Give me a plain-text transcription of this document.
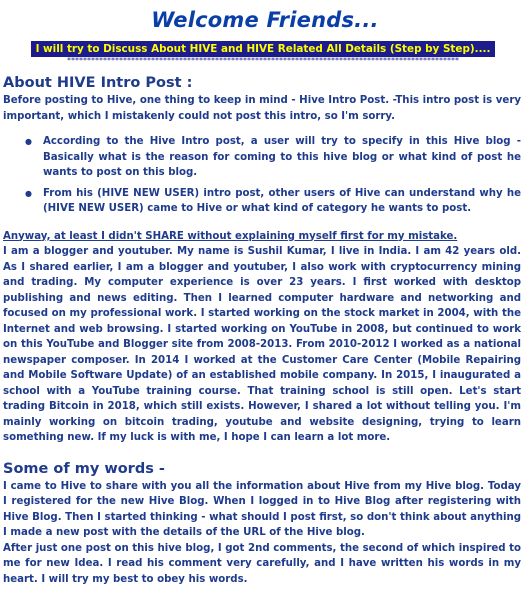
Welcome Friends...
I will try to Discuss About HIVE and HIVE Related All Details (Step by Step)....
**************************************************************************************************
About HIVE Intro Post :

Before posting to Hive, one thing to keep in mind - Hive Intro Post. -This intro post is very important, which I mistakenly could not post this intro, so I'm sorry.

● According to the Hive Intro post, a user will try to specify in this Hive blog - Basically what is the reason for coming to this hive blog or what kind of post he wants to post on this blog.
● From his (HIVE NEW USER) intro post, other users of Hive can understand why he (HIVE NEW USER) came to Hive or what kind of category he wants to post.

Anyway, at least I didn't SHARE without explaining myself first for my mistake.

I am a blogger and youtuber. My name is Sushil Kumar, I live in India. I am 42 years old. As I shared earlier, I am a blogger and youtuber, I also work with cryptocurrency mining and trading. My computer experience is over 23 years. I first worked with desktop publishing and news editing. Then I learned computer hardware and networking and focused on my professional work. I started working on the stock market in 2004, with the Internet and web browsing. I started working on YouTube in 2008, but continued to work on this YouTube and Blogger site from 2008-2013. From 2010-2012 I worked as a national newspaper composer. In 2014 I worked at the Customer Care Center (Mobile Repairing and Mobile Software Update) of an established mobile company. In 2015, I inaugurated a school with a YouTube training course. That training school is still open. Let's start trading Bitcoin in 2018, which still exists. However, I shared a lot without telling you. I'm mainly working on bitcoin trading, youtube and website designing, trying to learn something new. If my luck is with me, I hope I can learn a lot more.

Some of my words -

I came to Hive to share with you all the information about Hive from my Hive blog. Today I registered for the new Hive Blog. When I logged in to Hive Blog after registering with Hive Blog. Then I started thinking - what should I post first, so don't think about anything I made a new post with the details of the URL of the Hive blog.

After just one post on this hive blog, I got 2nd comments, the second of which inspired to me for new Idea. I read his comment very carefully, and I have written his words in my heart. I will try my best to obey his words.
